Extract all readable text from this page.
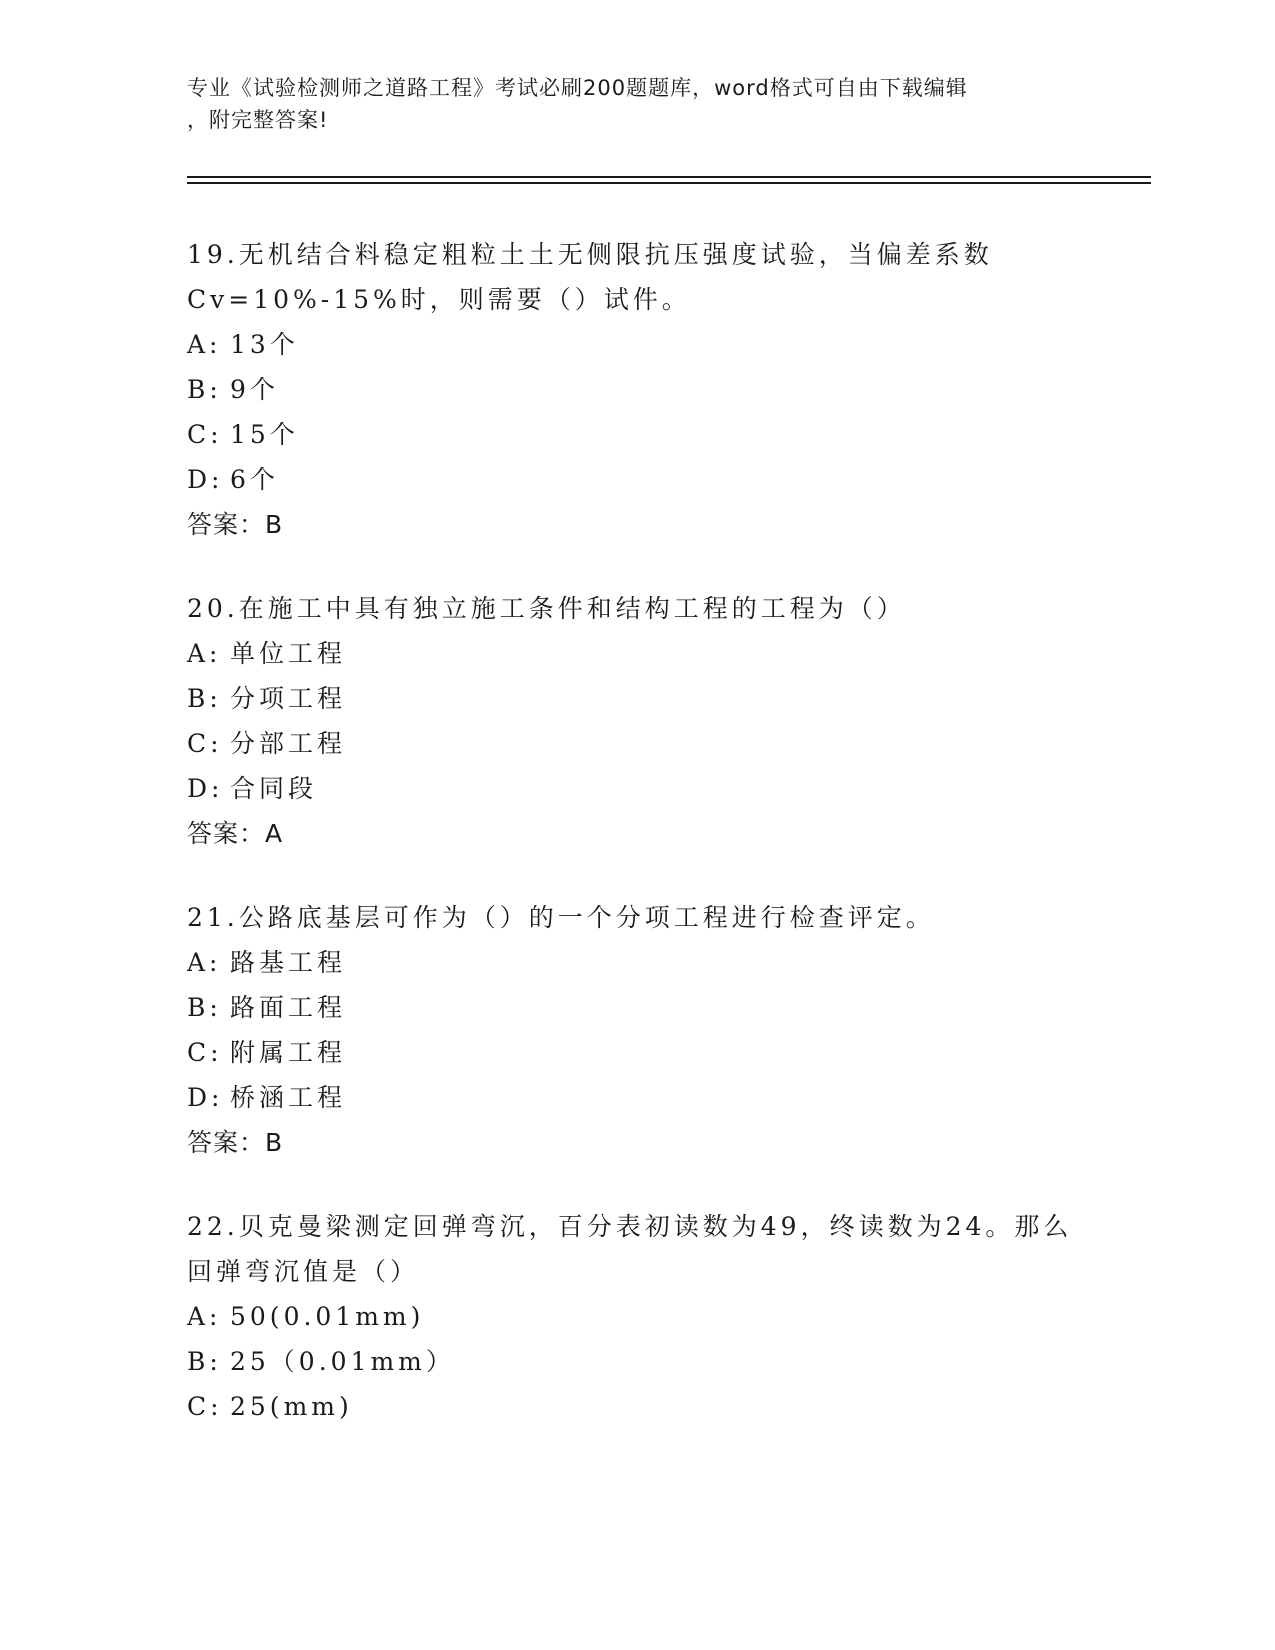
专业《试验检测师之道路工程》考试必刷200题题库，word格式可自由下载编辑
，附完整答案!
19.无机结合料稳定粗粒土土无侧限抗压强度试验，当偏差系数
Cv=10%-15%时，则需要（）试件。
A: 13个
B: 9个
C: 15个
D: 6个
答案：B
20.在施工中具有独立施工条件和结构工程的工程为（）
A: 单位工程
B: 分项工程
C: 分部工程
D: 合同段
答案：A
21.公路底基层可作为（）的一个分项工程进行检查评定。
A: 路基工程
B: 路面工程
C: 附属工程
D: 桥涵工程
答案：B
22.贝克曼梁测定回弹弯沉，百分表初读数为49，终读数为24。那么
回弹弯沉值是（）
A: 50(0.01mm)
B: 25（0.01mm）
C: 25(mm)
